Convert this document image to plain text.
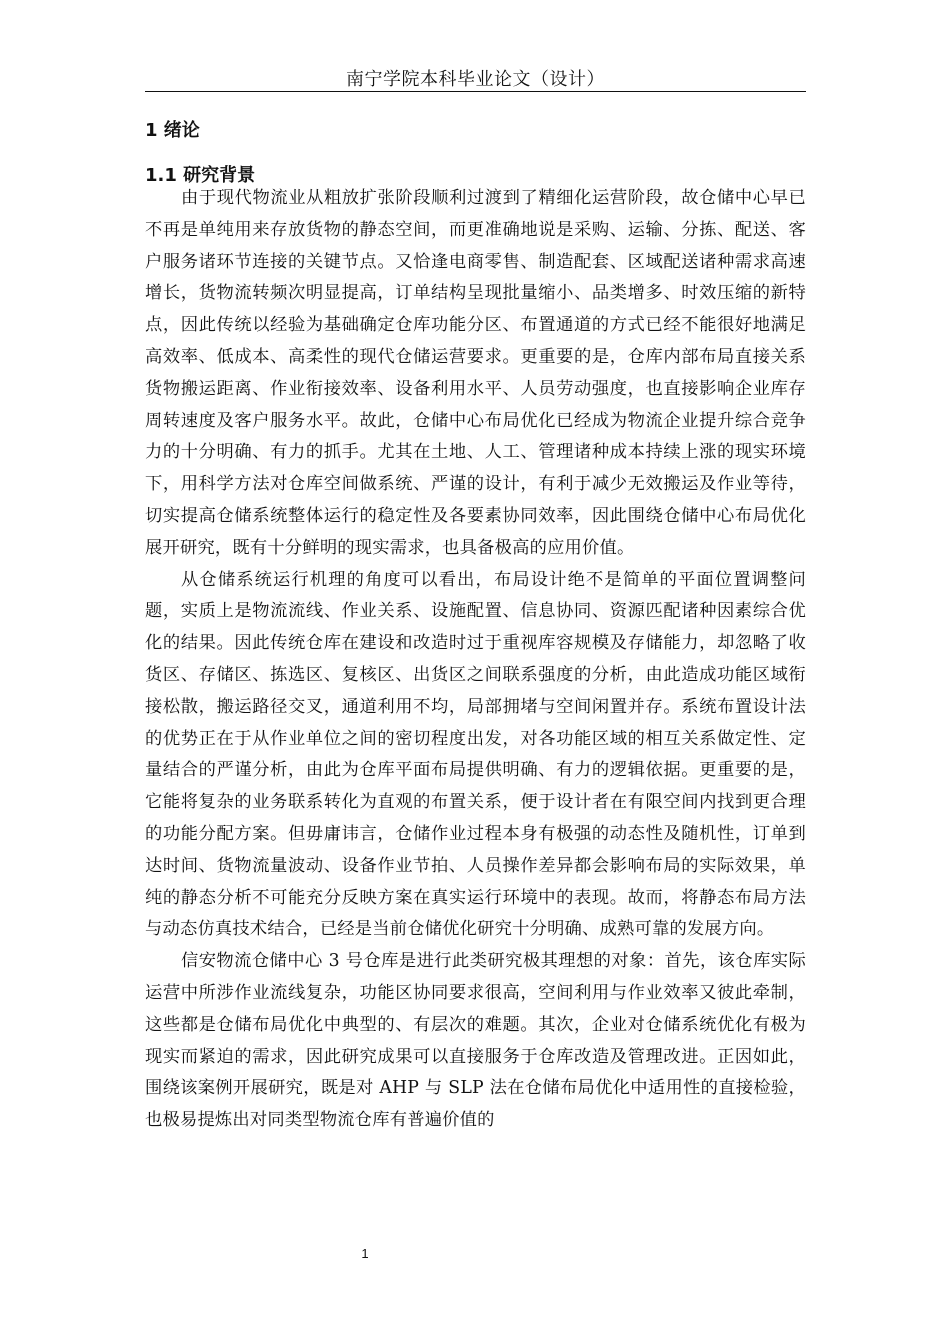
南宁学院本科毕业论文（设计）
1 绪论
1.1 研究背景

由于现代物流业从粗放扩张阶段顺利过渡到了精细化运营阶段，故仓储中心早已不再是单纯用来存放货物的静态空间，而更准确地说是采购、运输、分拣、配送、客户服务诸环节连接的关键节点。又恰逢电商零售、制造配套、区域配送诸种需求高速增长，货物流转频次明显提高，订单结构呈现批量缩小、品类增多、时效压缩的新特点，因此传统以经验为基础确定仓库功能分区、布置通道的方式已经不能很好地满足高效率、低成本、高柔性的现代仓储运营要求。更重要的是，仓库内部布局直接关系货物搬运距离、作业衔接效率、设备利用水平、人员劳动强度，也直接影响企业库存周转速度及客户服务水平。故此，仓储中心布局优化已经成为物流企业提升综合竞争力的十分明确、有力的抓手。尤其在土地、人工、管理诸种成本持续上涨的现实环境下，用科学方法对仓库空间做系统、严谨的设计，有利于减少无效搬运及作业等待，切实提高仓储系统整体运行的稳定性及各要素协同效率，因此围绕仓储中心布局优化展开研究，既有十分鲜明的现实需求，也具备极高的应用价值。

从仓储系统运行机理的角度可以看出，布局设计绝不是简单的平面位置调整问题，实质上是物流流线、作业关系、设施配置、信息协同、资源匹配诸种因素综合优化的结果。因此传统仓库在建设和改造时过于重视库容规模及存储能力，却忽略了收货区、存储区、拣选区、复核区、出货区之间联系强度的分析，由此造成功能区域衔接松散，搬运路径交叉，通道利用不均，局部拥堵与空间闲置并存。系统布置设计法的优势正在于从作业单位之间的密切程度出发，对各功能区域的相互关系做定性、定量结合的严谨分析，由此为仓库平面布局提供明确、有力的逻辑依据。更重要的是，它能将复杂的业务联系转化为直观的布置关系，便于设计者在有限空间内找到更合理的功能分配方案。但毋庸讳言，仓储作业过程本身有极强的动态性及随机性，订单到达时间、货物流量波动、设备作业节拍、人员操作差异都会影响布局的实际效果，单纯的静态分析不可能充分反映方案在真实运行环境中的表现。故而，将静态布局方法与动态仿真技术结合，已经是当前仓储优化研究十分明确、成熟可靠的发展方向。

信安物流仓储中心 3 号仓库是进行此类研究极其理想的对象：首先，该仓库实际运营中所涉作业流线复杂，功能区协同要求很高，空间利用与作业效率又彼此牵制，这些都是仓储布局优化中典型的、有层次的难题。其次，企业对仓储系统优化有极为现实而紧迫的需求，因此研究成果可以直接服务于仓库改造及管理改进。正因如此，围绕该案例开展研究，既是对 AHP 与 SLP 法在仓储布局优化中适用性的直接检验，也极易提炼出对同类型物流仓库有普遍价值的

1
